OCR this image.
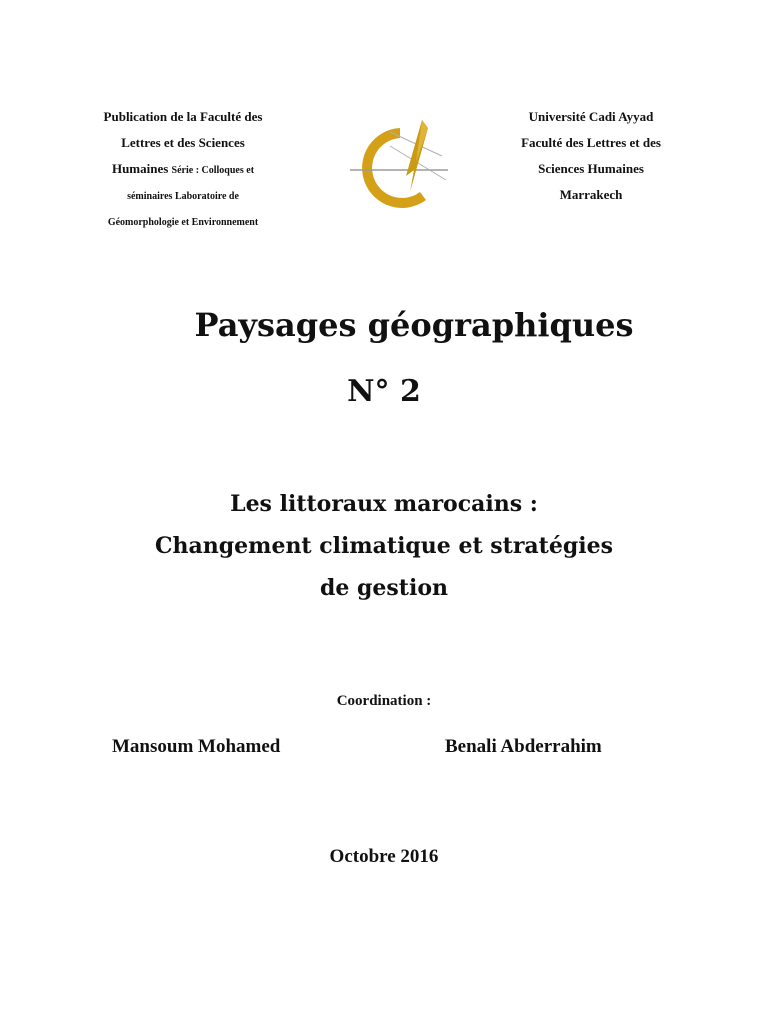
Publication de la Faculté des
Lettres et des Sciences
Humaines Série : Colloques et
séminaires Laboratoire de
Géomorphologie et Environnement
Université Cadi Ayyad
Faculté des Lettres et des
Sciences Humaines
Marrakech
Paysages géographiques
N° 2
Les littoraux marocains :
Changement climatique et stratégies
de gestion
Coordination :
Mansoum Mohamed	Benali Abderrahim
Octobre 2016
